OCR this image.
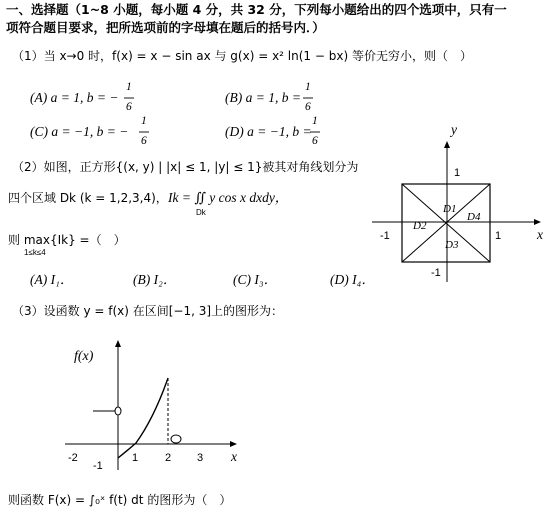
一、选择题（1~8 小题，每小题 4 分，共 32 分，下列每小题给出的四个选项中，只有一
项符合题目要求，把所选项前的字母填在题后的括号内．）
（1）当 x→0 时，f(x) = x − sin ax 与 g(x) = x² ln(1 − bx) 等价无穷小，则（　）
(A) a = 1, b = −
1
6
(B) a = 1, b =
1
6
(C) a = −1, b = −
1
6
(D) a = −1, b =
1
6
（2）如图，正方形{(x, y) | |x| ≤ 1, |y| ≤ 1}被其对角线划分为
四个区域 Dk (k = 1,2,3,4)， Ik = ∬ y cos x dxdy，
Dk
则 max{Ik} =（　）
1≤k≤4
(A) I₁．	(B) I₂．	(C) I₃．	(D) I₄．
y
x
1
-1
-1	1
D1
D2
D3
D4
（3）设函数 y = f(x) 在区间[−1, 3]上的图形为：
f(x)
x
-2	1 2 3
-1
则函数 F(x) = ∫₀ˣ f(t) dt 的图形为（　）
